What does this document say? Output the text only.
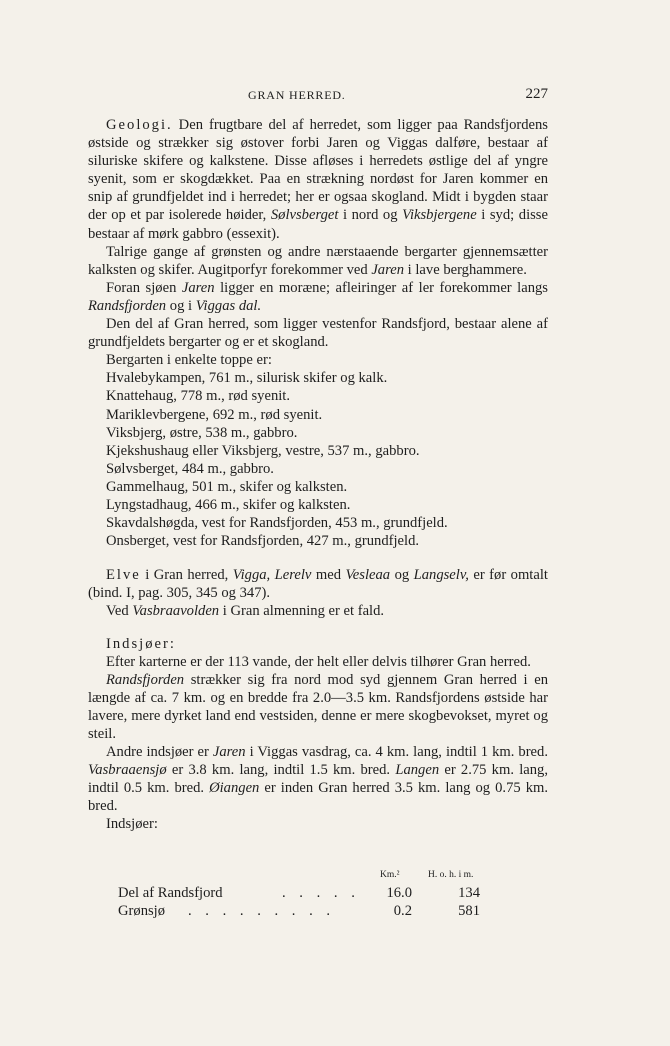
GRAN HERRED.	227

Geologi. Den frugtbare del af herredet, som ligger paa Randsfjordens østside og strækker sig østover forbi Jaren og Viggas dalføre, bestaar af siluriske skifere og kalkstene. Disse afløses i herredets østlige del af yngre syenit, som er skogdækket. Paa en strækning nordøst for Jaren kommer en snip af grundfjeldet ind i herredet; her er ogsaa skogland. Midt i bygden staar der op et par isolerede høider, Sølvsberget i nord og Viksbjergene i syd; disse bestaar af mørk gabbro (essexit).

Talrige gange af grønsten og andre nærstaaende bergarter gjennemsætter kalksten og skifer. Augitporfyr forekommer ved Jaren i lave berghammere.

Foran sjøen Jaren ligger en moræne; afleiringer af ler forekommer langs Randsfjorden og i Viggas dal.

Den del af Gran herred, som ligger vestenfor Randsfjord, bestaar alene af grundfjeldets bergarter og er et skogland.

Bergarten i enkelte toppe er:

Hvalebykampen, 761 m., silurisk skifer og kalk.

Knattehaug, 778 m., rød syenit.

Mariklevbergene, 692 m., rød syenit.

Viksbjerg, østre, 538 m., gabbro.

Kjekshushaug eller Viksbjerg, vestre, 537 m., gabbro.

Sølvsberget, 484 m., gabbro.

Gammelhaug, 501 m., skifer og kalksten.

Lyngstadhaug, 466 m., skifer og kalksten.

Skavdalshøgda, vest for Randsfjorden, 453 m., grundfjeld.

Onsberget, vest for Randsfjorden, 427 m., grundfjeld.

Elve i Gran herred, Vigga, Lerelv med Vesleaa og Langselv, er før omtalt (bind. I, pag. 305, 345 og 347).

Ved Vasbraavolden i Gran almenning er et fald.

Indsjøer:

Efter karterne er der 113 vande, der helt eller delvis tilhører Gran herred.

Randsfjorden strækker sig fra nord mod syd gjennem Gran herred i en længde af ca. 7 km. og en bredde fra 2.0—3.5 km. Randsfjordens østside har lavere, mere dyrket land end vestsiden, denne er mere skogbevokset, myret og steil.

Andre indsjøer er Jaren i Viggas vasdrag, ca. 4 km. lang, indtil 1 km. bred. Vasbraaensjø er 3.8 km. lang, indtil 1.5 km. bred. Langen er 2.75 km. lang, indtil 0.5 km. bred. Øiangen er inden Gran herred 3.5 km. lang og 0.75 km. bred.

Indsjøer:

Km.²	H. o. h. i m.
Del af Randsfjord	. . . . .	16.0	134
Grønsjø . . . . . . . . .	0.2	581
